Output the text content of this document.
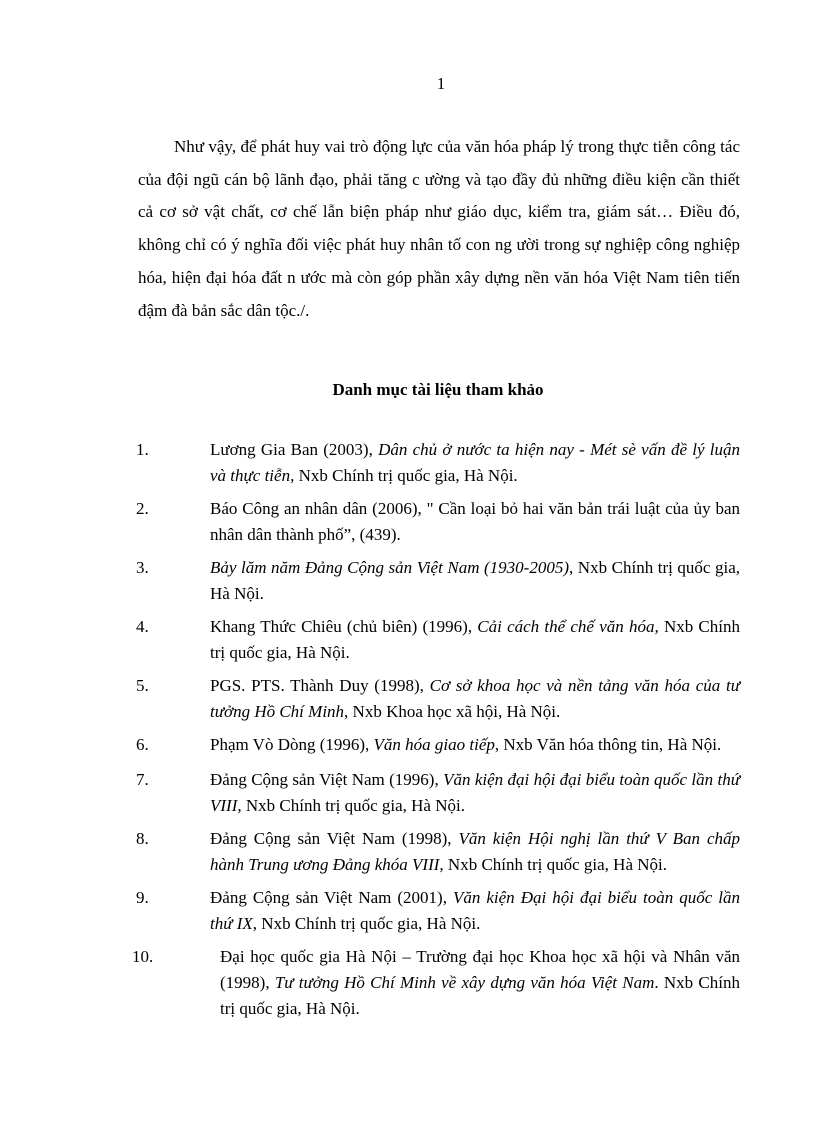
1

Như vậy, để phát huy vai trò động lực của văn hóa pháp lý trong thực tiễn công tác của đội ngũ cán bộ lãnh đạo, phải tăng c ường và tạo đầy đủ những điều kiện cần thiết cả cơ sở vật chất, cơ chế lẫn biện pháp như giáo dục, kiểm tra, giám sát… Điều đó, không chỉ có ý nghĩa đối việc phát huy nhân tố con ng ười trong sự nghiệp công nghiệp hóa, hiện đại hóa đất n ước mà còn góp phần xây dựng nền văn hóa Việt Nam tiên tiến đậm đà bản sắc dân tộc./.

Danh mục tài liệu tham khảo
1.	Lương Gia Ban (2003), Dân chủ ở nước ta hiện nay - Mét sè vấn đề lý luận và thực tiễn, Nxb Chính trị quốc gia, Hà Nội.
2.	Báo Công an nhân dân (2006), " Cần loại bỏ hai văn bản trái luật của ủy ban nhân dân thành phố”, (439).
3.	Bảy lăm năm Đảng Cộng sản Việt Nam (1930-2005), Nxb Chính trị quốc gia, Hà Nội.
4.	Khang Thức Chiêu (chủ biên) (1996), Cải cách thể chế văn hóa, Nxb Chính trị quốc gia, Hà Nội.
5.	PGS. PTS. Thành Duy (1998), Cơ sở khoa học và nền tảng văn hóa của tư tưởng Hồ Chí Minh, Nxb Khoa học xã hội, Hà Nội.
6.	Phạm Vò Dòng (1996), Văn hóa giao tiếp, Nxb Văn hóa thông tin, Hà Nội.
7.	Đảng Cộng sản Việt Nam (1996), Văn kiện đại hội đại biểu toàn quốc lần thứ VIII, Nxb Chính trị quốc gia, Hà Nội.
8.	Đảng Cộng sản Việt Nam (1998), Văn kiện Hội nghị lần thứ V Ban chấp hành Trung ương Đảng khóa VIII, Nxb Chính trị quốc gia, Hà Nội.
9.	Đảng Cộng sản Việt Nam (2001), Văn kiện Đại hội đại biểu toàn quốc lần thứ IX, Nxb Chính trị quốc gia, Hà Nội.
10.	Đại học quốc gia Hà Nội – Trường đại học Khoa học xã hội và Nhân văn (1998), Tư tưởng Hồ Chí Minh về xây dựng văn hóa Việt Nam. Nxb Chính trị quốc gia, Hà Nội.
